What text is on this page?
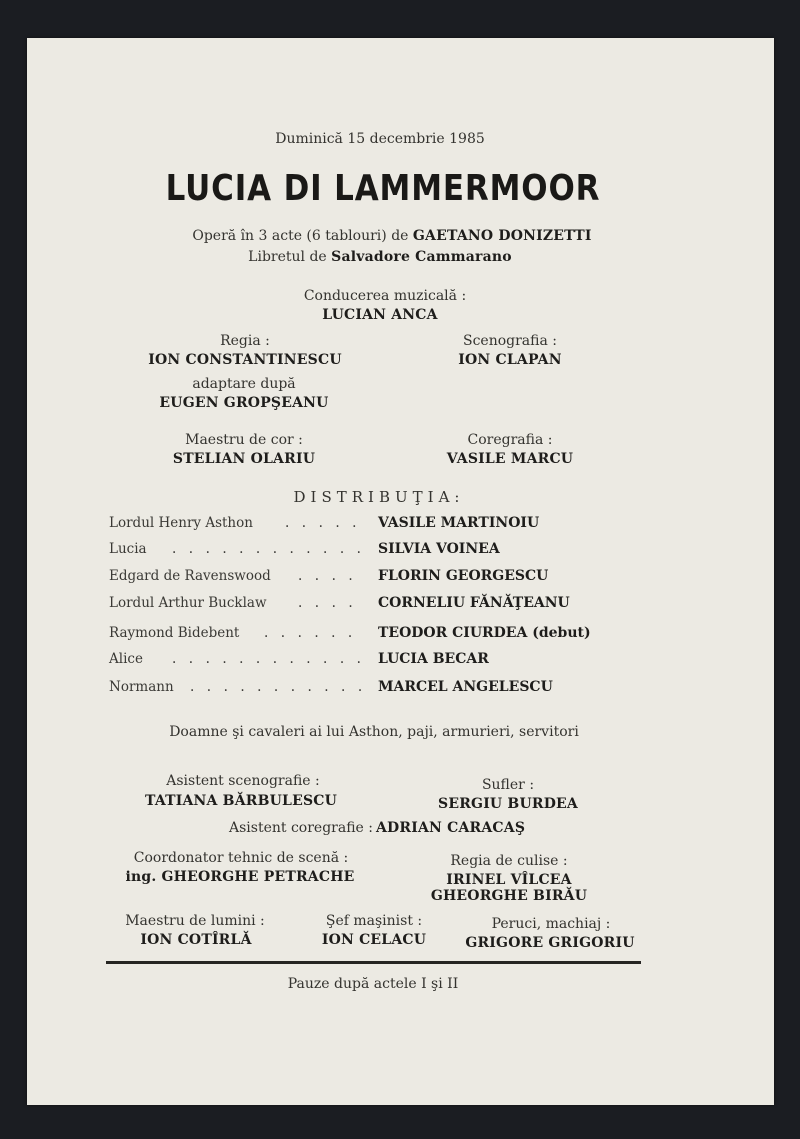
Duminică 15 decembrie 1985
LUCIA DI LAMMERMOOR
Operă în 3 acte (6 tablouri) de GAETANO DONIZETTI
Libretul de Salvadore Cammarano
Conducerea muzicală :
LUCIAN ANCA
Regia :
ION CONSTANTINESCU
adaptare după
EUGEN GROPŞEANU
Scenografia :
ION CLAPAN
Maestru de cor :
STELIAN OLARIU
Coregrafia :
VASILE MARCU
DISTRIBUŢIA:
Lordul Henry Asthon . . . . . VASILE MARTINOIU
Lucia . . . . . . . . . . . . SILVIA VOINEA
Edgard de Ravenswood . . . . FLORIN GEORGESCU
Lordul Arthur Bucklaw . . . . CORNELIU FĂNĂŢEANU
Raymond Bidebent . . . . . . TEODOR CIURDEA (debut)
Alice . . . . . . . . . . . . LUCIA BECAR
Normann . . . . . . . . . . . MARCEL ANGELESCU
Doamne şi cavaleri ai lui Asthon, paji, armurieri, servitori
Asistent scenografie :
TATIANA BĂRBULESCU
Sufler :
SERGIU BURDEA
Asistent coregrafie : ADRIAN CARACAŞ
Coordonator tehnic de scenă :
ing. GHEORGHE PETRACHE
Regia de culise :
IRINEL VÎLCEA
GHEORGHE BIRĂU
Maestru de lumini :
ION COTÎRLĂ
Şef maşinist :
ION CELACU
Peruci, machiaj :
GRIGORE GRIGORIU
Pauze după actele I şi II
